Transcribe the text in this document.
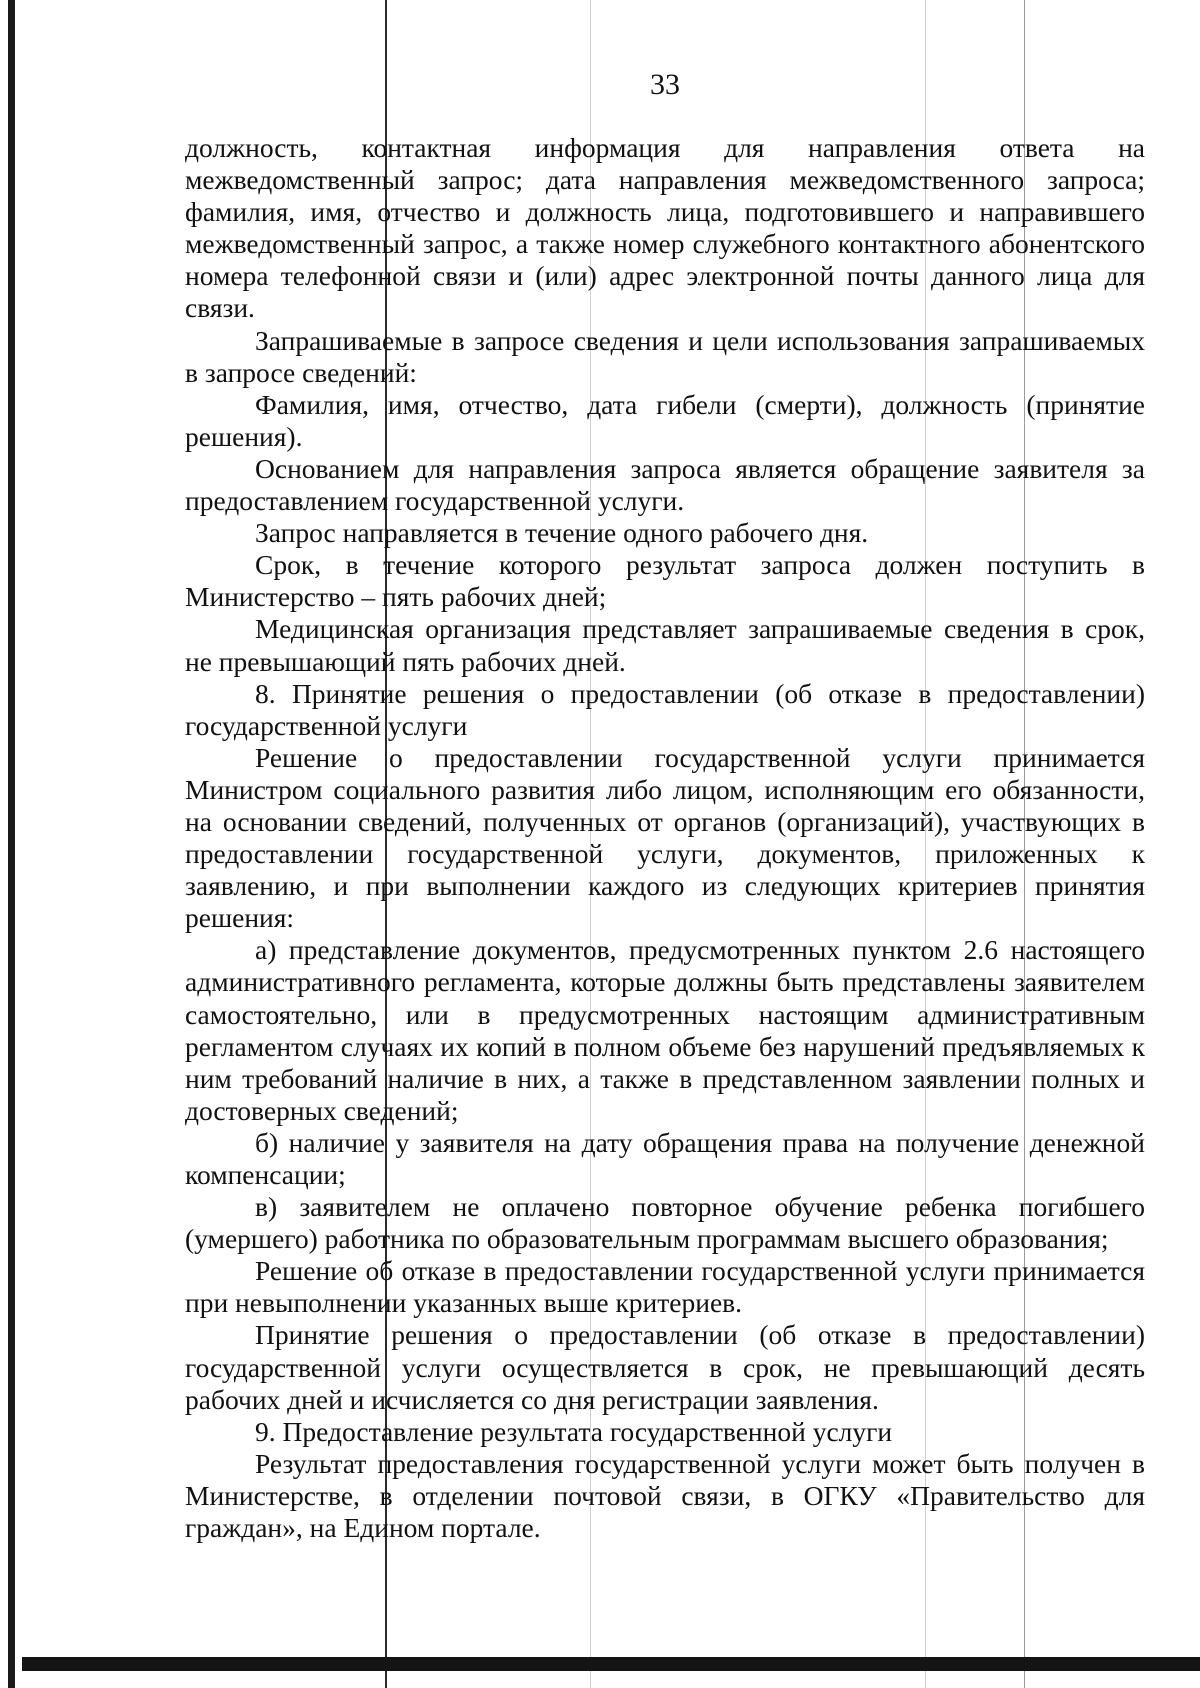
33

должность, контактная информация для направления ответа на межведомственный запрос; дата направления межведомственного запроса; фамилия, имя, отчество и должность лица, подготовившего и направившего межведомственный запрос, а также номер служебного контактного абонентского номера телефонной связи и (или) адрес электронной почты данного лица для связи.

Запрашиваемые в запросе сведения и цели использования запрашиваемых в запросе сведений:

Фамилия, имя, отчество, дата гибели (смерти), должность (принятие решения).

Основанием для направления запроса является обращение заявителя за предоставлением государственной услуги.

Запрос направляется в течение одного рабочего дня.

Срок, в течение которого результат запроса должен поступить в Министерство – пять рабочих дней;

Медицинская организация представляет запрашиваемые сведения в срок, не превышающий пять рабочих дней.

8. Принятие решения о предоставлении (об отказе в предоставлении) государственной услуги

Решение о предоставлении государственной услуги принимается Министром социального развития либо лицом, исполняющим его обязанности, на основании сведений, полученных от органов (организаций), участвующих в предоставлении государственной услуги, документов, приложенных к заявлению, и при выполнении каждого из следующих критериев принятия решения:

а) представление документов, предусмотренных пунктом 2.6 настоящего административного регламента, которые должны быть представлены заявителем самостоятельно, или в предусмотренных настоящим административным регламентом случаях их копий в полном объеме без нарушений предъявляемых к ним требований наличие в них, а также в представленном заявлении полных и достоверных сведений;

б) наличие у заявителя на дату обращения права на получение денежной компенсации;

в) заявителем не оплачено повторное обучение ребенка погибшего (умершего) работника по образовательным программам высшего образования;

Решение об отказе в предоставлении государственной услуги принимается при невыполнении указанных выше критериев.

Принятие решения о предоставлении (об отказе в предоставлении) государственной услуги осуществляется в срок, не превышающий десять рабочих дней и исчисляется со дня регистрации заявления.

9. Предоставление результата государственной услуги

Результат предоставления государственной услуги может быть получен в Министерстве, в отделении почтовой связи, в ОГКУ «Правительство для граждан», на Едином портале.
